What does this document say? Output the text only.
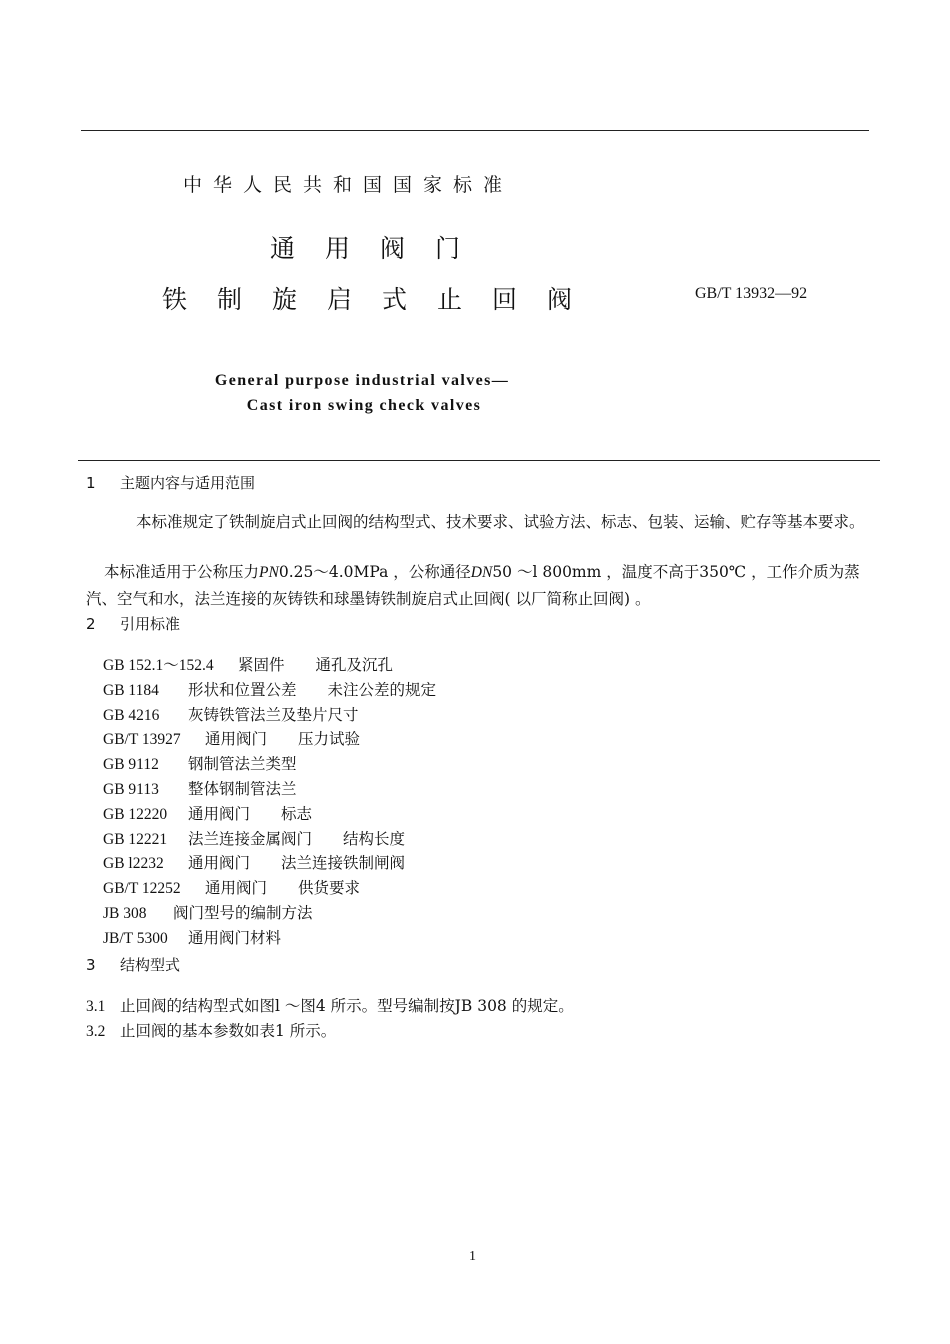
中华人民共和国国家标准
通用阀门
铁制旋启式止回阀	GB/T 13932—92
General purpose industrial valves—
Cast iron swing check valves
1 主题内容与适用范围
本标准规定了铁制旋启式止回阀的结构型式、技术要求、试验方法、标志、包装、运输、贮存等基本要求。
本标准适用于公称压力PN0.25～4.0MPa ，公称通径DN50 ～l 800mm ，温度不高于350℃ ，工作介质为蒸汽、空气和水，法兰连接的灰铸铁和球墨铸铁制旋启式止回阀( 以厂简称止回阀) 。
2 引用标准
GB 152.1～152.4 紧固件　　通孔及沉孔
GB 1184 形状和位置公差　　未注公差的规定
GB 4216 灰铸铁管法兰及垫片尺寸
GB/T 13927 通用阀门　　压力试验
GB 9112 钢制管法兰类型
GB 9113 整体钢制管法兰
GB 12220 通用阀门　　标志
GB 12221 法兰连接金属阀门　　结构长度
GB l2232 通用阀门　　法兰连接铁制闸阀
GB/T 12252 通用阀门　　供货要求
JB 308 阀门型号的编制方法
JB/T 5300 通用阀门材料
3 结构型式
3.1 止回阀的结构型式如图l ～图4 所示。型号编制按JB 308 的规定。
3.2 止回阀的基本参数如表1 所示。
1
